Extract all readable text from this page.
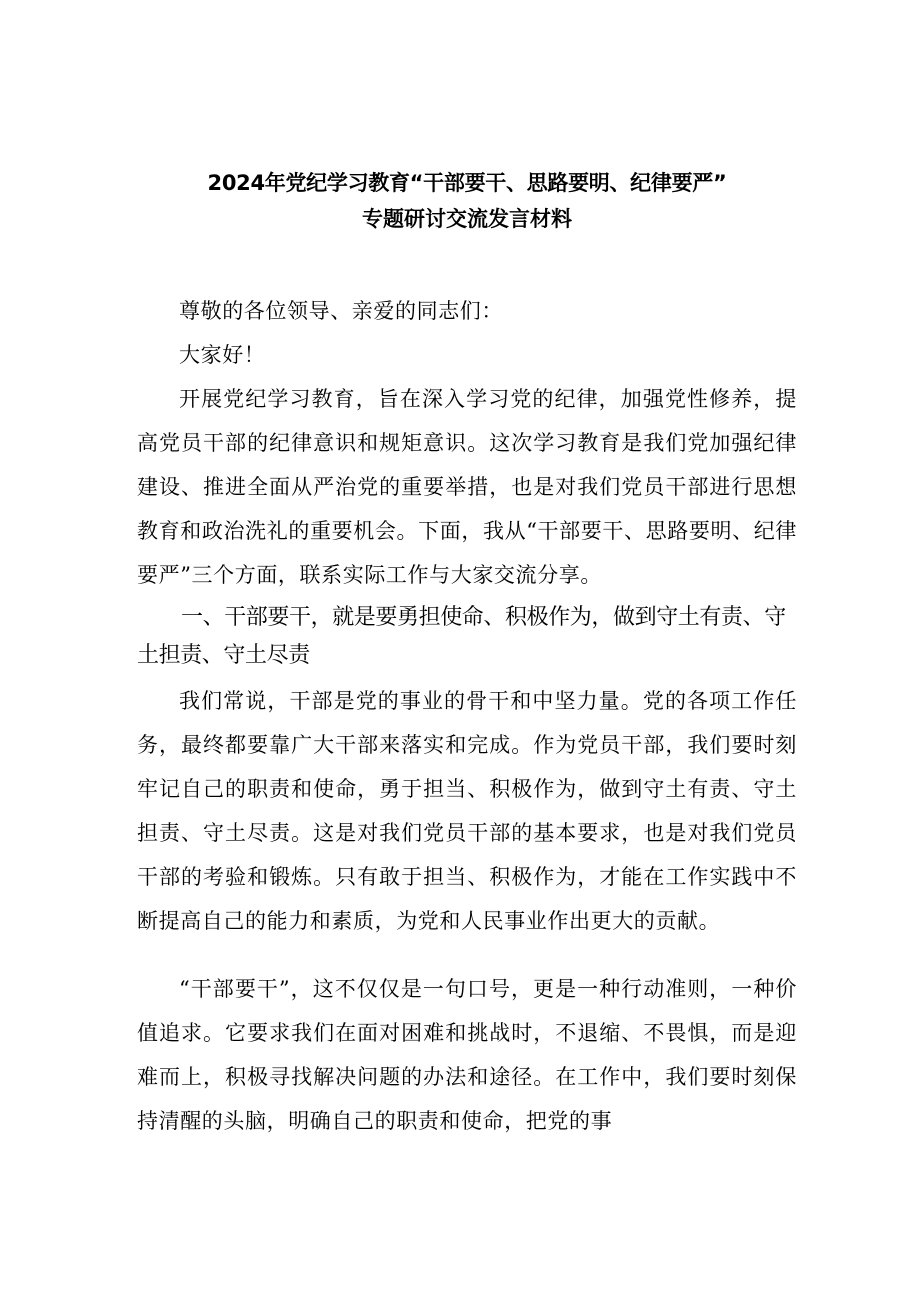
2024年党纪学习教育“干部要干、思路要明、纪律要严”

专题研讨交流发言材料

尊敬的各位领导、亲爱的同志们：

大家好！

开展党纪学习教育，旨在深入学习党的纪律，加强党性修养，提高党员干部的纪律意识和规矩意识。这次学习教育是我们党加强纪律建设、推进全面从严治党的重要举措，也是对我们党员干部进行思想教育和政治洗礼的重要机会。下面，我从“干部要干、思路要明、纪律要严”三个方面，联系实际工作与大家交流分享。

一、干部要干，就是要勇担使命、积极作为，做到守土有责、守土担责、守土尽责

我们常说，干部是党的事业的骨干和中坚力量。党的各项工作任务，最终都要靠广大干部来落实和完成。作为党员干部，我们要时刻牢记自己的职责和使命，勇于担当、积极作为，做到守土有责、守土担责、守土尽责。这是对我们党员干部的基本要求，也是对我们党员干部的考验和锻炼。只有敢于担当、积极作为，才能在工作实践中不断提高自己的能力和素质，为党和人民事业作出更大的贡献。

“干部要干”，这不仅仅是一句口号，更是一种行动准则，一种价值追求。它要求我们在面对困难和挑战时，不退缩、不畏惧，而是迎难而上，积极寻找解决问题的办法和途径。在工作中，我们要时刻保持清醒的头脑，明确自己的职责和使命，把党的事
